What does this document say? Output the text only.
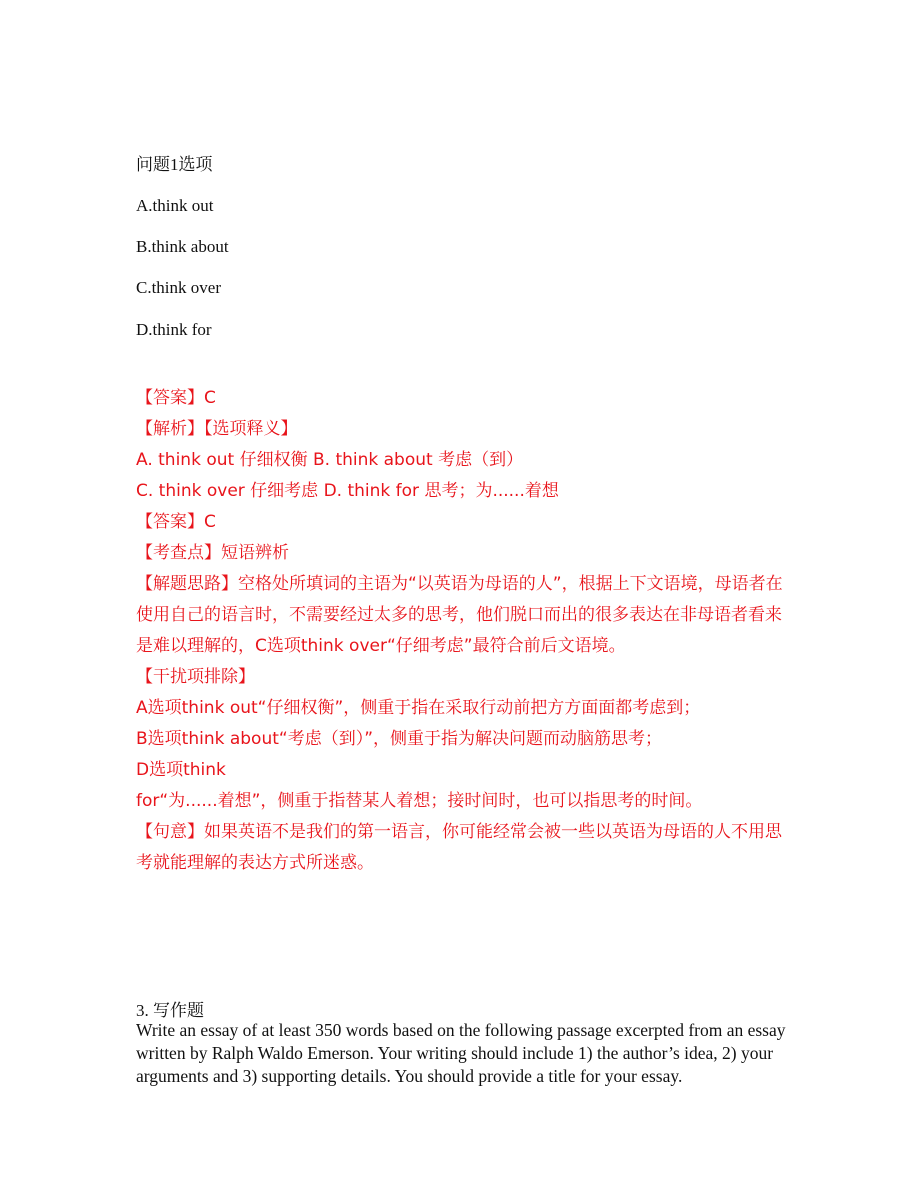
问题1选项
A.think out
B.think about
C.think over
D.think for
【答案】C
【解析】【选项释义】
A. think out 仔细权衡 B. think about 考虑（到）
C. think over 仔细考虑 D. think for 思考；为......着想
【答案】C
【考查点】短语辨析
【解题思路】空格处所填词的主语为“以英语为母语的人”，根据上下文语境，母语者在使用自己的语言时，不需要经过太多的思考，他们脱口而出的很多表达在非母语者看来是难以理解的，C选项think over“仔细考虑”最符合前后文语境。
【干扰项排除】
A选项think out“仔细权衡”，侧重于指在采取行动前把方方面面都考虑到；
B选项think about“考虑（到）”，侧重于指为解决问题而动脑筋思考；
D选项think
for“为......着想”，侧重于指替某人着想；接时间时，也可以指思考的时间。
【句意】如果英语不是我们的第一语言，你可能经常会被一些以英语为母语的人不用思考就能理解的表达方式所迷惑。
3. 写作题
Write an essay of at least 350 words based on the following passage excerpted from an essay written by Ralph Waldo Emerson. Your writing should include 1) the author’s idea, 2) your arguments and 3) supporting details. You should provide a title for your essay.
